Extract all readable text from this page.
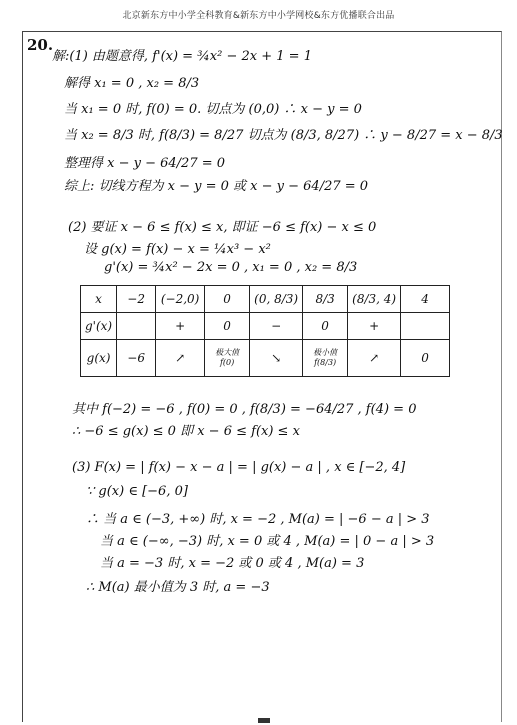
北京新东方中小学全科教育&新东方中小学网校&东方优播联合出品
20.
解:(1) 由题意得, f'(x) = ¾x² − 2x + 1 = 1
解得 x₁ = 0 , x₂ = 8/3
当 x₁ = 0 时, f(0) = 0. 切点为 (0,0) ∴ x − y = 0
当 x₂ = 8/3 时, f(8/3) = 8/27 切点为 (8/3, 8/27) ∴ y − 8/27 = x − 8/3
整理得 x − y − 64/27 = 0
综上: 切线方程为 x − y = 0 或 x − y − 64/27 = 0
(2) 要证 x − 6 ≤ f(x) ≤ x, 即证 −6 ≤ f(x) − x ≤ 0
设 g(x) = f(x) − x = ¼x³ − x²
g'(x) = ¾x² − 2x = 0 , x₁ = 0 , x₂ = 8/3
x	−2	(−2,0)	0	(0, 8/3)	8/3	(8/3, 4)	4
g'(x)		+	0	−	0	+	
g(x)	−6	↗	极大值 f(0)	↘	极小值 f(8/3)	↗	0
其中 f(−2) = −6 , f(0) = 0 , f(8/3) = −64/27 , f(4) = 0
∴ −6 ≤ g(x) ≤ 0 即 x − 6 ≤ f(x) ≤ x
(3) F(x) = | f(x) − x − a | = | g(x) − a | , x ∈ [−2, 4]
∵ g(x) ∈ [−6, 0]
∴ 当 a ∈ (−3, +∞) 时, x = −2 , M(a) = | −6 − a | > 3
当 a ∈ (−∞, −3) 时, x = 0 或 4 , M(a) = | 0 − a | > 3
当 a = −3 时, x = −2 或 0 或 4 , M(a) = 3
∴ M(a) 最小值为 3 时, a = −3
